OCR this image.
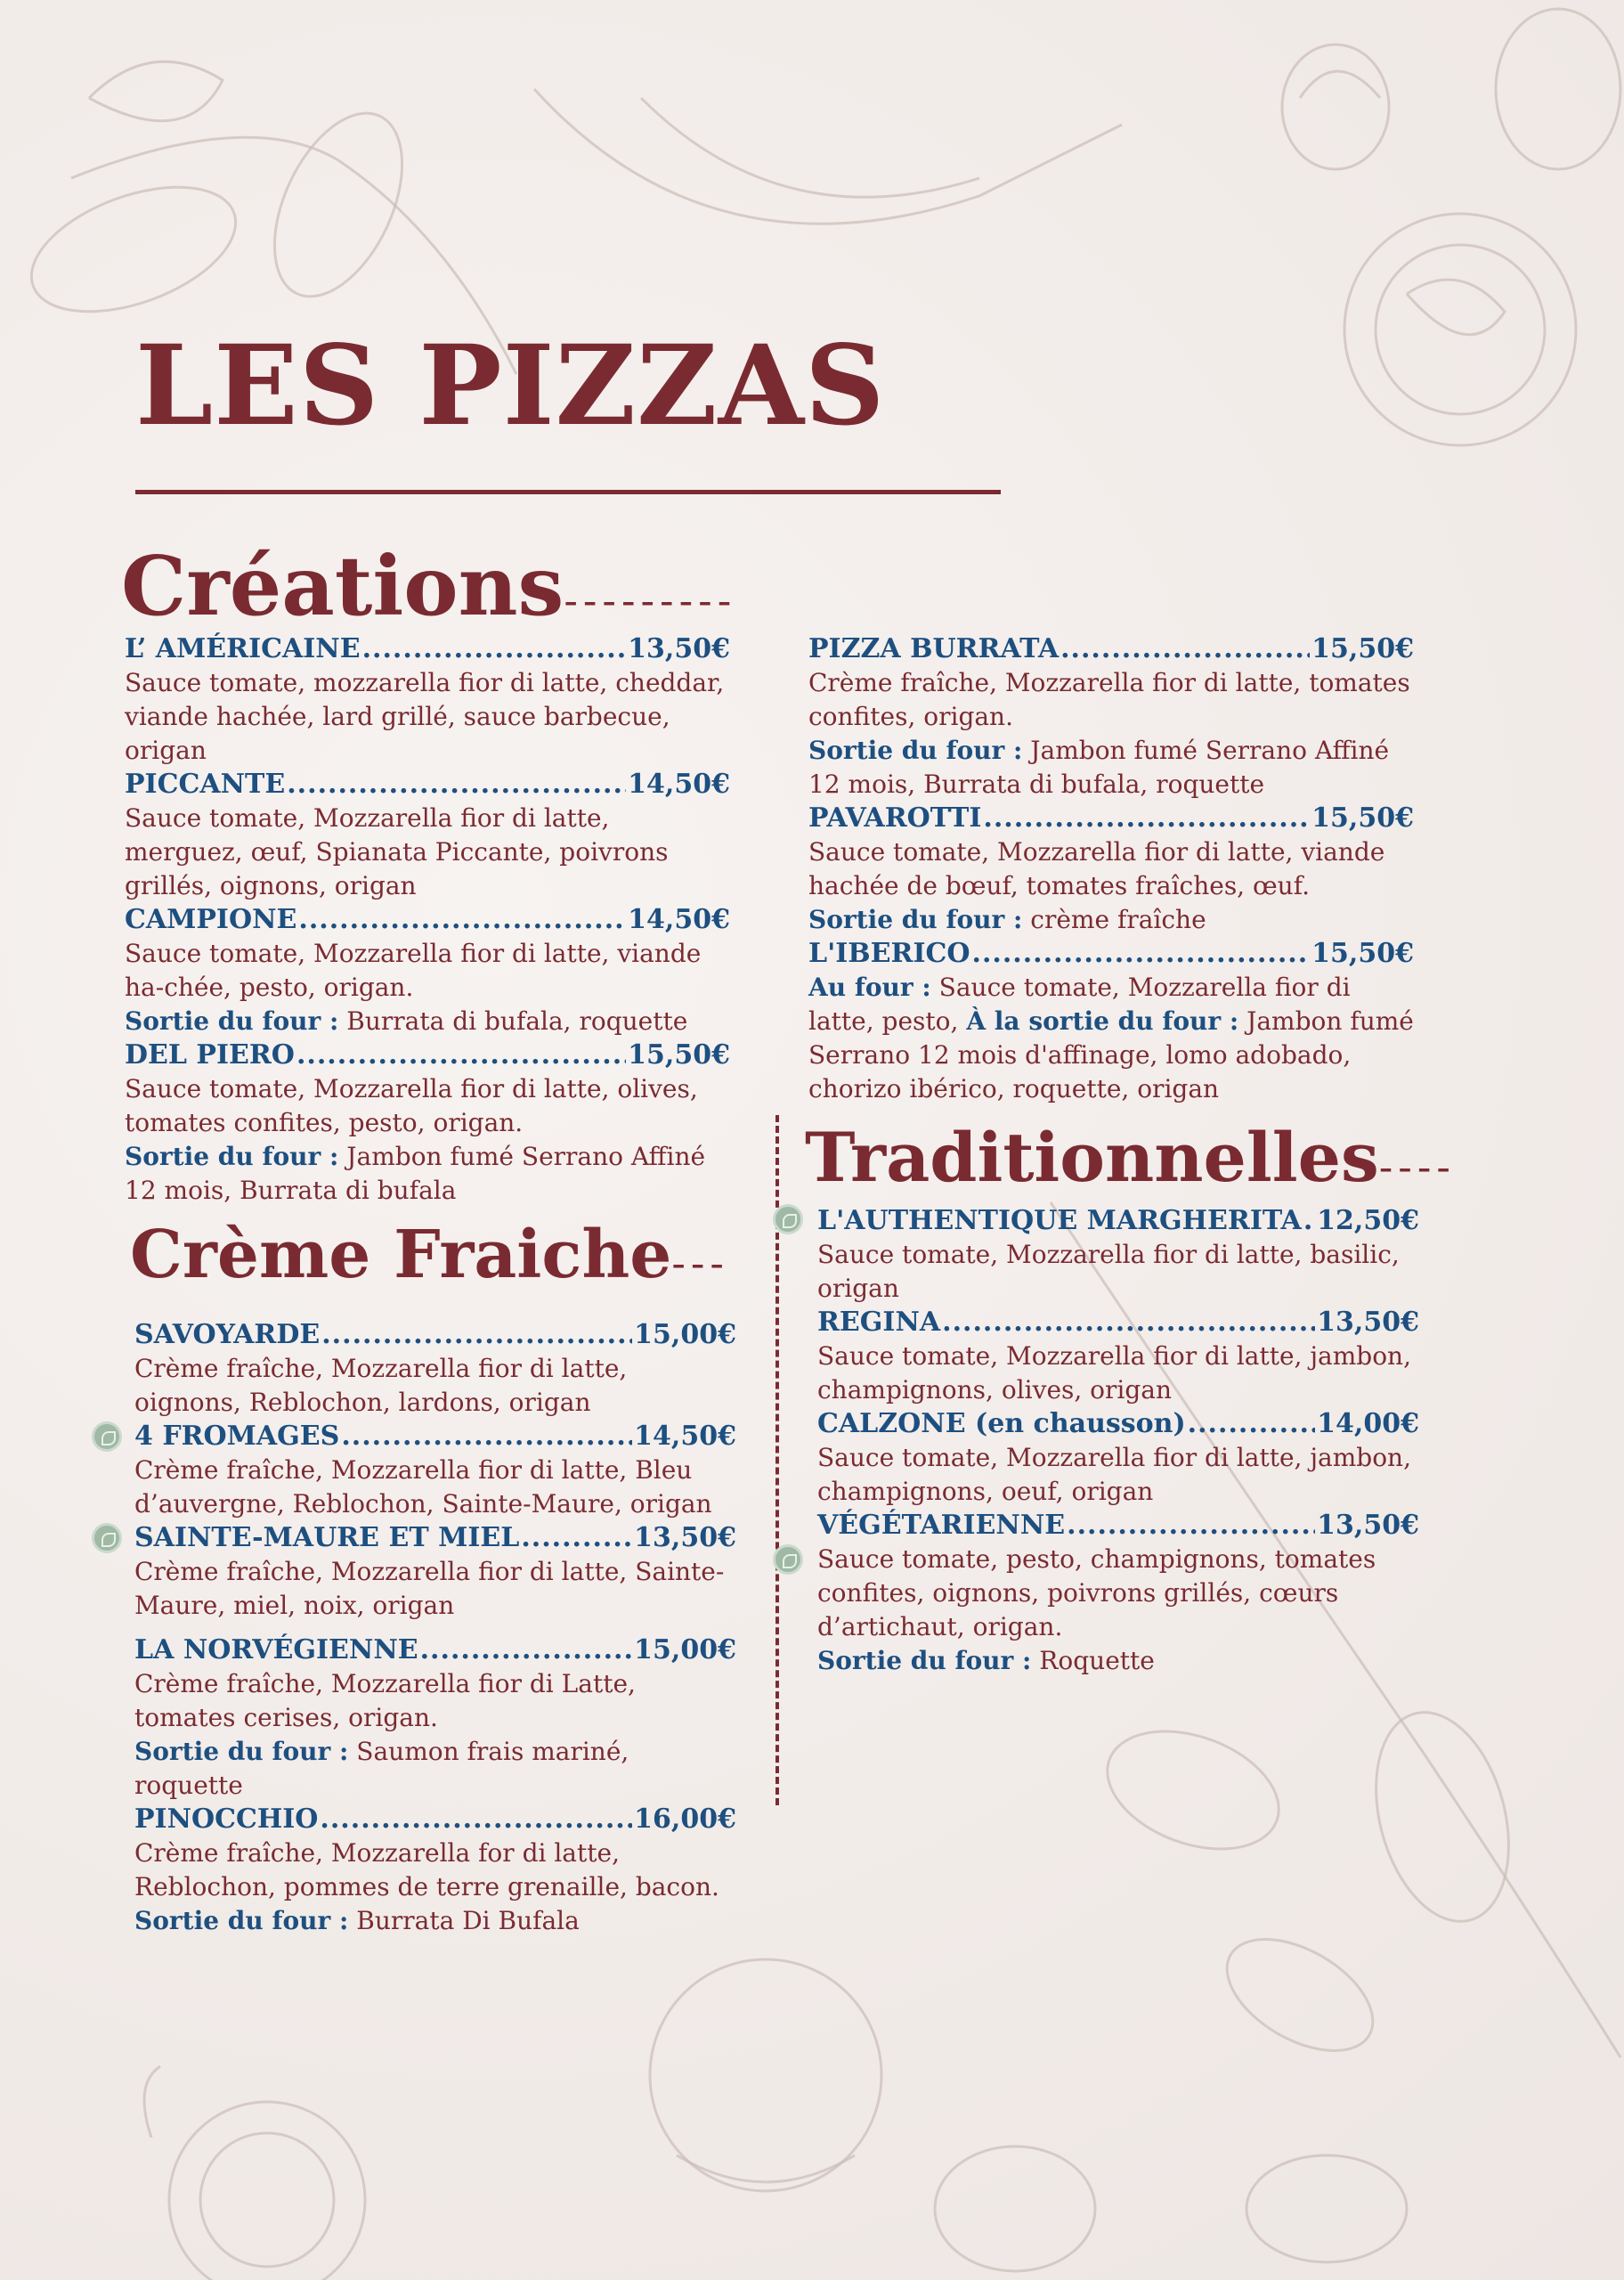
LES PIZZAS
Créations---------
L’ AMÉRICAINE .....	13,50€
Sauce tomate, mozzarella fior di latte, cheddar, viande hachée, lard grillé, sauce barbecue, origan
PICCANTE .....	14,50€
Sauce tomate, Mozzarella fior di latte, merguez, œuf, Spianata Piccante, poivrons grillés, oignons, origan
CAMPIONE .....	14,50€
Sauce tomate, Mozzarella fior di latte, viande ha-chée, pesto, origan.
Sortie du four : Burrata di bufala, roquette
DEL PIERO .....	15,50€
Sauce tomate, Mozzarella fior di latte, olives, tomates confites, pesto, origan.
Sortie du four : Jambon fumé Serrano Affiné 12 mois, Burrata di bufala
PIZZA BURRATA .....	15,50€
Crème fraîche, Mozzarella fior di latte, tomates confites, origan.
Sortie du four : Jambon fumé Serrano Affiné 12 mois, Burrata di bufala, roquette
PAVAROTTI .....	15,50€
Sauce tomate, Mozzarella fior di latte, viande hachée de bœuf, tomates fraîches, œuf.
Sortie du four : crème fraîche
L'IBERICO .....	15,50€
Au four : Sauce tomate, Mozzarella fior di latte, pesto, À la sortie du four : Jambon fumé Serrano 12 mois d'affinage, lomo adobado, chorizo ibérico, roquette, origan
Crème Fraiche---
SAVOYARDE .....	15,00€
Crème fraîche, Mozzarella fior di latte, oignons, Reblochon, lardons, origan
4 FROMAGES .....	14,50€
Crème fraîche, Mozzarella fior di latte, Bleu d’auvergne, Reblochon, Sainte-Maure, origan
SAINTE-MAURE ET MIEL .....	13,50€
Crème fraîche, Mozzarella fior di latte, Sainte-Maure, miel, noix, origan
LA NORVÉGIENNE .....	15,00€
Crème fraîche, Mozzarella fior di Latte, tomates cerises, origan.
Sortie du four : Saumon frais mariné, roquette
PINOCCHIO .....	16,00€
Crème fraîche, Mozzarella for di latte, Reblochon, pommes de terre grenaille, bacon.
Sortie du four : Burrata Di Bufala
Traditionnelles----
L'AUTHENTIQUE MARGHERITA ..... 12,50€
Sauce tomate, Mozzarella fior di latte, basilic, origan
REGINA .....	13,50€
Sauce tomate, Mozzarella fior di latte, jambon, champignons, olives, origan
CALZONE (en chausson) .....	14,00€
Sauce tomate, Mozzarella fior di latte, jambon, champignons, oeuf, origan
VÉGÉTARIENNE .....	13,50€
Sauce tomate, pesto, champignons, tomates confites, oignons, poivrons grillés, cœurs d’artichaut, origan.
Sortie du four : Roquette
